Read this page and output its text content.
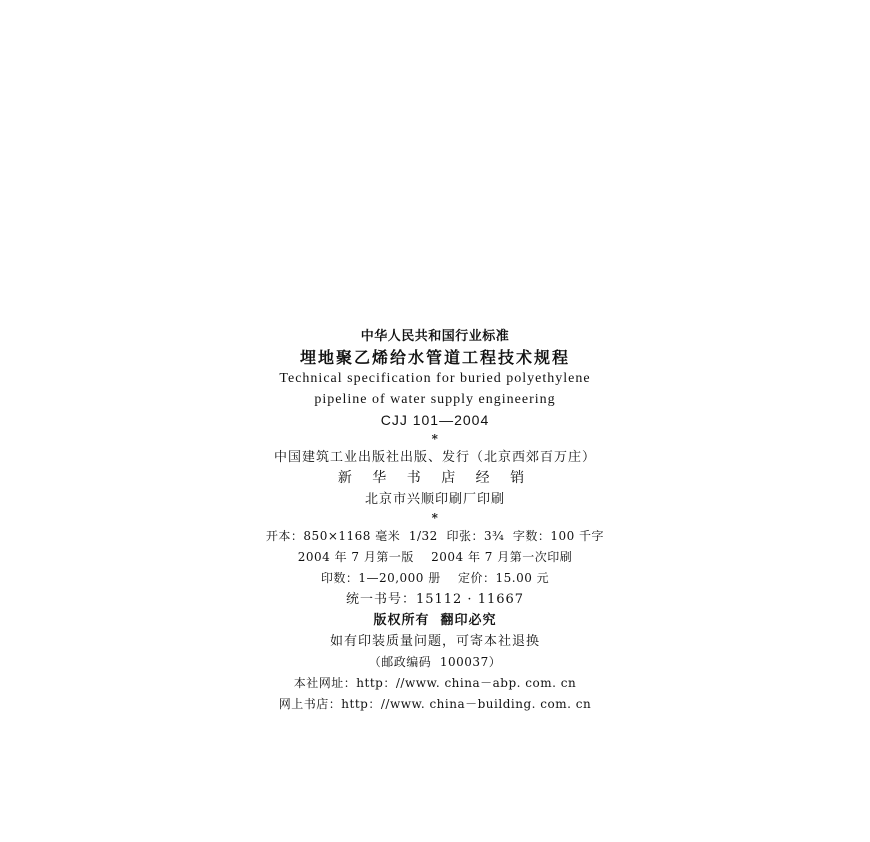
中华人民共和国行业标准
埋地聚乙烯给水管道工程技术规程
Technical specification for buried polyethylene
pipeline of water supply engineering
CJJ 101—2004
*
中国建筑工业出版社出版、发行（北京西郊百万庄）
新 华 书 店 经 销
北京市兴顺印刷厂印刷
*
开本：850×1168 毫米  1/32  印张：3¾  字数：100 千字
2004 年 7 月第一版    2004 年 7 月第一次印刷
印数：1—20,000 册    定价：15.00 元
统一书号：15112 · 11667
版权所有  翻印必究
如有印装质量问题，可寄本社退换
（邮政编码  100037）
本社网址：http：//www. china－abp. com. cn
网上书店：http：//www. china－building. com. cn
